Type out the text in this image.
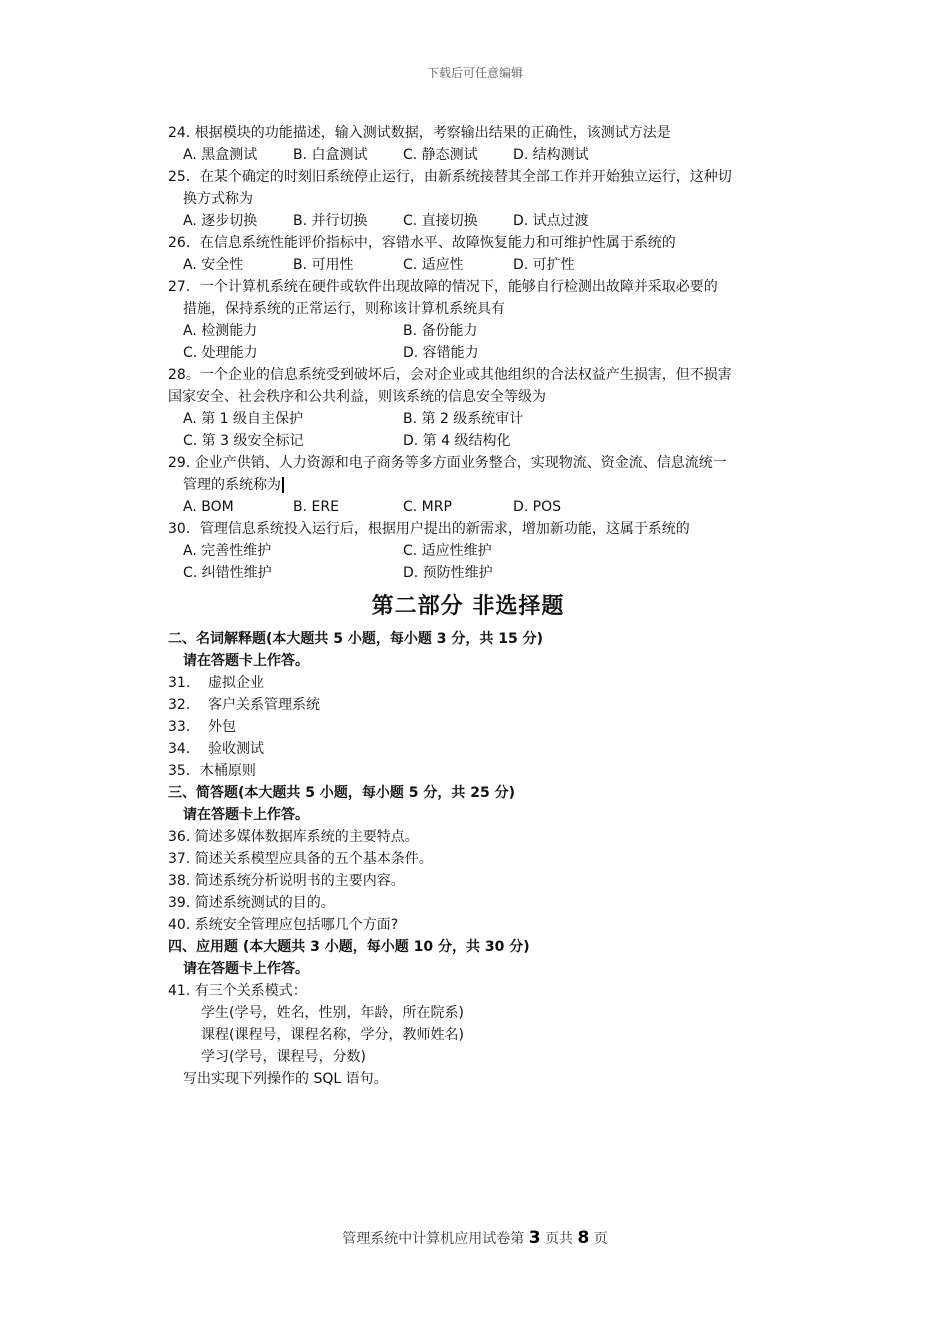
下载后可任意编辑
24. 根据模块的功能描述，输入测试数据，考察输出结果的正确性，该测试方法是
A. 黑盒测试	B. 白盒测试	C. 静态测试	D. 结构测试
25．在某个确定的时刻旧系统停止运行，由新系统接替其全部工作并开始独立运行，这种切
换方式称为
A. 逐步切换	B. 并行切换	C. 直接切换	D. 试点过渡
26．在信息系统性能评价指标中，容错水平、故障恢复能力和可维护性属于系统的
A. 安全性	B. 可用性	C. 适应性	D. 可扩性
27．一个计算机系统在硬件或软件出现故障的情况下，能够自行检测出故障并采取必要的
措施，保持系统的正常运行，则称该计算机系统具有
A. 检测能力	B. 备份能力
C. 处理能力	D. 容错能力
28。一个企业的信息系统受到破坏后，会对企业或其他组织的合法权益产生损害，但不损害
国家安全、社会秩序和公共利益，则该系统的信息安全等级为
A. 第 1 级自主保护	B. 第 2 级系统审计
C. 第 3 级安全标记	D. 第 4 级结构化
29. 企业产供销、人力资源和电子商务等多方面业务整合，实现物流、资金流、信息流统一
管理的系统称为
A. BOM	B. ERE	C. MRP	D. POS
30．管理信息系统投入运行后，根据用户提出的新需求，增加新功能，这属于系统的
A. 完善性维护	C. 适应性维护
C. 纠错性维护	D. 预防性维护
第二部分 非选择题
二、名词解释题(本大题共 5 小题，每小题 3 分，共 15 分)
请在答题卡上作答。
31. 虚拟企业
32. 客户关系管理系统
33. 外包
34. 验收测试
35．木桶原则
三、简答题(本大题共 5 小题，每小题 5 分，共 25 分)
请在答题卡上作答。
36. 简述多媒体数据库系统的主要特点。
37. 简述关系模型应具备的五个基本条件。
38. 简述系统分析说明书的主要内容。
39. 简述系统测试的目的。
40. 系统安全管理应包括哪几个方面?
四、应用题 (本大题共 3 小题，每小题 10 分，共 30 分)
请在答题卡上作答。
41. 有三个关系模式：
学生(学号，姓名，性别，年龄，所在院系)
课程(课程号，课程名称，学分，教师姓名)
学习(学号，课程号，分数)
写出实现下列操作的 SQL 语句。
管理系统中计算机应用试卷第 3 页共 8 页
